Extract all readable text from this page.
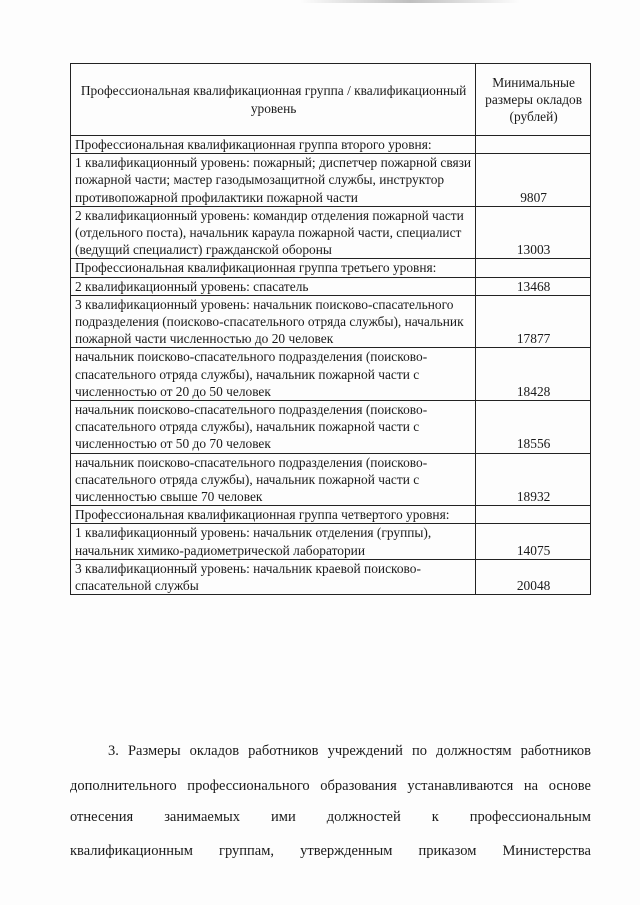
Профессиональная квалификационная группа / квалификационный уровень	Минимальные размеры окладов (рублей)
Профессиональная квалификационная группа второго уровня:	
1 квалификационный уровень: пожарный; диспетчер пожарной связи пожарной части; мастер газодымозащитной службы, инструктор противопожарной профилактики пожарной части	9807
2 квалификационный уровень: командир отделения пожарной части (отдельного поста), начальник караула пожарной части, специалист (ведущий специалист) гражданской обороны	13003
Профессиональная квалификационная группа третьего уровня:	
2 квалификационный уровень: спасатель	13468
3 квалификационный уровень: начальник поисково-спасательного подразделения (поисково-спасательного отряда службы), начальник пожарной части численностью до 20 человек	17877
начальник поисково-спасательного подразделения (поисково-спасательного отряда службы), начальник пожарной части с численностью от 20 до 50 человек	18428
начальник поисково-спасательного подразделения (поисково-спасательного отряда службы), начальник пожарной части с численностью от 50 до 70 человек	18556
начальник поисково-спасательного подразделения (поисково-спасательного отряда службы), начальник пожарной части с численностью свыше 70 человек	18932
Профессиональная квалификационная группа четвертого уровня:	
1 квалификационный уровень: начальник отделения (группы), начальник химико-радиометрической лаборатории	14075
3 квалификационный уровень: начальник краевой поисково-спасательной службы	20048
3. Размеры окладов работников учреждений по должностям работников
дополнительного профессионального образования устанавливаются на основе
отнесения занимаемых ими должностей к профессиональным
квалификационным группам, утвержденным приказом Министерства
